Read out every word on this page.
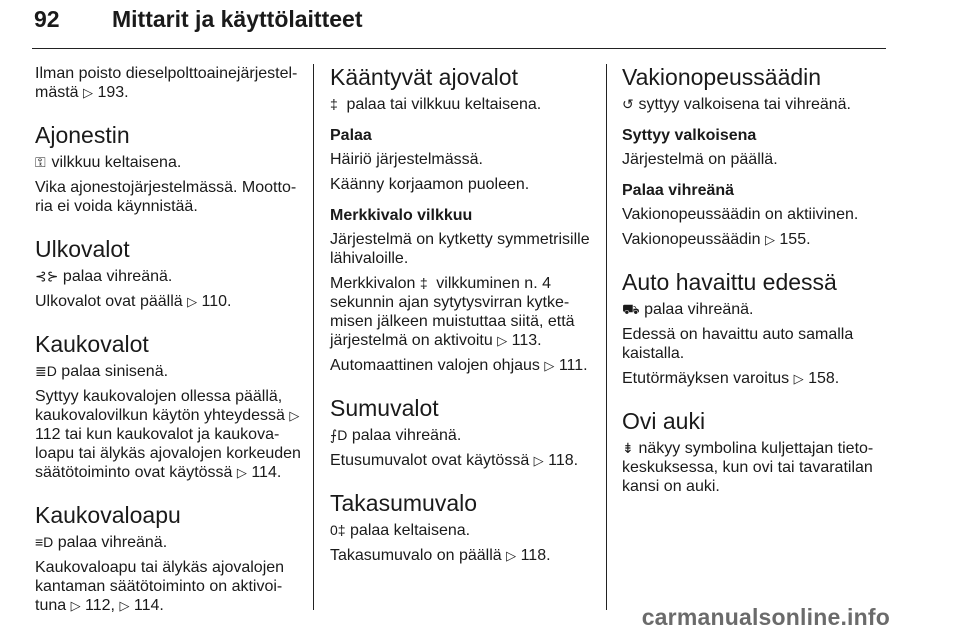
92 Mittarit ja käyttölaitteet

Ilman poisto dieselpolttoainejärjestel-mästä ▷ 193.

Ajonestin

⚿ vilkkuu keltaisena.

Vika ajonestojärjestelmässä. Mootto-ria ei voida käynnistää.

Ulkovalot

⊰⊱ palaa vihreänä.

Ulkovalot ovat päällä ▷ 110.

Kaukovalot

≣D palaa sinisenä.

Syttyy kaukovalojen ollessa päällä, kaukovalovilkun käytön yhteydessä ▷ 112 tai kun kaukovalot ja kaukova-loapu tai älykäs ajovalojen korkeuden säätötoiminto ovat käytössä ▷ 114.

Kaukovaloapu

≡D palaa vihreänä.

Kaukovaloapu tai älykäs ajovalojen kantaman säätötoiminto on aktivoi-tuna ▷ 112, ▷ 114.

Kääntyvät ajovalot

‡ palaa tai vilkkuu keltaisena.

Palaa

Häiriö järjestelmässä.

Käänny korjaamon puoleen.

Merkkivalo vilkkuu

Järjestelmä on kytketty symmetrisille lähivaloille.

Merkkivalon ‡ vilkkuminen n. 4 sekunnin ajan sytytysvirran kytke-misen jälkeen muistuttaa siitä, että järjestelmä on aktivoitu ▷ 113.

Automaattinen valojen ohjaus ▷ 111.

Sumuvalot

⨍D palaa vihreänä.

Etusumuvalot ovat käytössä ▷ 118.

Takasumuvalo

0‡ palaa keltaisena.

Takasumuvalo on päällä ▷ 118.

Vakionopeussäädin

↺ syttyy valkoisena tai vihreänä.

Syttyy valkoisena

Järjestelmä on päällä.

Palaa vihreänä

Vakionopeussäädin on aktiivinen.

Vakionopeussäädin ▷ 155.

Auto havaittu edessä

⛟ palaa vihreänä.

Edessä on havaittu auto samalla kaistalla.

Etutörmäyksen varoitus ▷ 158.

Ovi auki

⇟ näkyy symbolina kuljettajan tieto-keskuksessa, kun ovi tai tavaratilan kansi on auki.

carmanualsonline.info
